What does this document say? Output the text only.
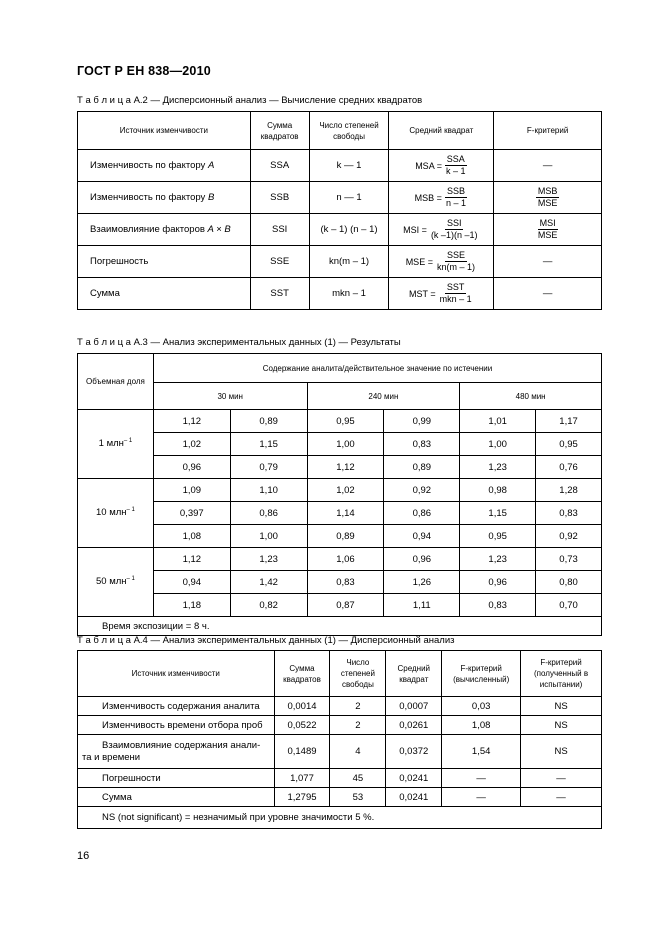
ГОСТ Р ЕН 838—2010
Т а б л и ц а А.2 — Дисперсионный анализ — Вычисление средних квадратов
Источник изменчивости	Сумма квадратов	Число степеней свободы	Средний квадрат	F-критерий
Изменчивость по фактору A	SSA	k — 1	MSA = $\frac{\text{SSA}}{k - 1}$	—
Изменчивость по фактору B	SSB	n — 1	MSB = $\frac{\text{SSB}}{n - 1}$	$\frac{\text{MSB}}{\text{MSE}}$

Взаимовлияние факторов A × B	SSI	(k – 1) (n – 1)	MSI = $\frac{\text{SSI}}{(k -1)(n -1)}$	$\frac{\text{MSI}}{\text{MSE}}$

Погрешность	SSE	kn(m – 1)	MSE = $\frac{\text{SSE}}{kn(m - 1)}$	—
Сумма	SST	mkn – 1	MST = $\frac{\text{SST}}{\text{mkn – 1}}$	—
Т а б л и ц а А.3 — Анализ экспериментальных данных (1) — Результаты
Объемная доля	Содержание аналита/действительное значение по истечении					
	30 мин		240 мин		480 мин	
1 млн$^{- 1}$	1,12	0,89	0,95	0,99	1,01	1,17
	1,02	1,15	1,00	0,83	1,00	0,95
	0,96	0,79	1,12	0,89	1,23	0,76
10 млн$^{- 1}$	1,09	1,10	1,02	0,92	0,98	1,28
	0,397	0,86	1,14	0,86	1,15	0,83
	1,08	1,00	0,89	0,94	0,95	0,92
50 млн$^{- 1}$	1,12	1,23	1,06	0,96	1,23	0,73
	0,94	1,42	0,83	1,26	0,96	0,80
	1,18	0,82	0,87	1,11	0,83	0,70
Время экспозиции = 8 ч.						
Т а б л и ц а А.4 — Анализ экспериментальных данных (1) — Дисперсионный анализ
Источник изменчивости	Сумма квадратов	Число степеней свободы	Средний квадрат	F-критерий (вычисленный)	F-критерий (полученный в испытании)
Изменчивость содержания аналита	0,0014	2	0,0007	0,03	NS
Изменчивость времени отбора проб	0,0522	2	0,0261	1,08	NS
Взаимовлияние содержания анали-та и времени	0,1489	4	0,0372	1,54	NS
Погрешности	1,077	45	0,0241	—	—
Сумма	1,2795	53	0,0241	—	—
NS (not significant) = незначимый при уровне значимости 5 %.					
16
